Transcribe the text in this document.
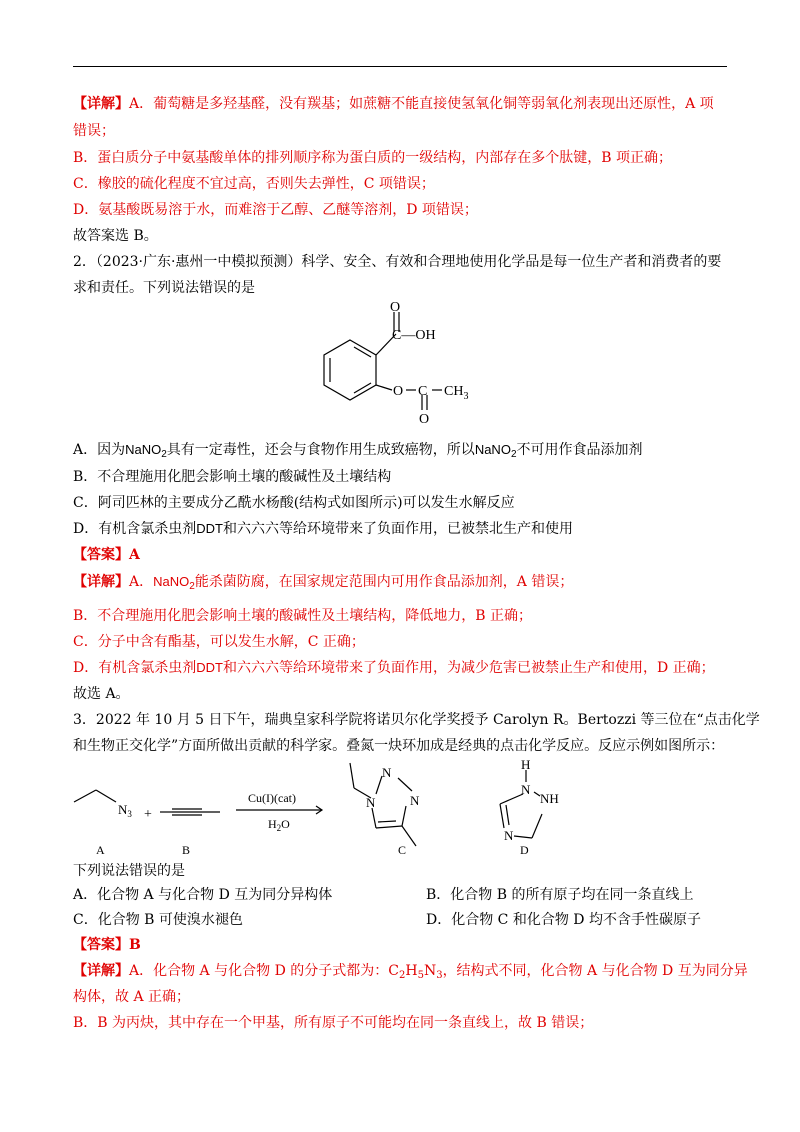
【详解】A．葡萄糖是多羟基醛，没有羰基；如蔗糖不能直接使氢氧化铜等弱氧化剂表现出还原性，A 项
错误；
B．蛋白质分子中氨基酸单体的排列顺序称为蛋白质的一级结构，内部存在多个肽键，B 项正确；
C．橡胶的硫化程度不宜过高，否则失去弹性，C 项错误；
D．氨基酸既易溶于水，而难溶于乙醇、乙醚等溶剂，D 项错误；
故答案选 B。
2．（2023·广东·惠州一中模拟预测）科学、安全、有效和合理地使用化学品是每一位生产者和消费者的要
求和责任。下列说法错误的是
O
C—OH
O C $CH_3$
O
A．因为NaNO$_2$具有一定毒性，还会与食物作用生成致癌物，所以NaNO$_2$不可用作食品添加剂
B．不合理施用化肥会影响土壤的酸碱性及土壤结构
C．阿司匹林的主要成分乙酰水杨酸(结构式如图所示)可以发生水解反应
D．有机含氯杀虫剂DDT和六六六等给环境带来了负面作用，已被禁北生产和使用
【答案】A
【详解】A．NaNO$_2$能杀菌防腐，在国家规定范围内可用作食品添加剂，A 错误；
B．不合理施用化肥会影响土壤的酸碱性及土壤结构，降低地力，B 正确；
C．分子中含有酯基，可以发生水解，C 正确；
D．有机含氯杀虫剂DDT和六六六等给环境带来了负面作用，为减少危害已被禁止生产和使用，D 正确；
故选 A。
3．2022 年 10 月 5 日下午，瑞典皇家科学院将诺贝尔化学奖授予 Carolyn R。Bertozzi 等三位在“点击化学
和生物正交化学”方面所做出贡献的科学家。叠氮一炔环加成是经典的点击化学反应。反应示例如图所示：
$N_3$ +
Cu(I)(cat)
$H_2O$
N
N
N
H
N
NH
N
A	B	C	D
下列说法错误的是
A．化合物 A 与化合物 D 互为同分异构体	B．化合物 B 的所有原子均在同一条直线上
C．化合物 B 可使溴水褪色	D．化合物 C 和化合物 D 均不含手性碳原子
【答案】B
【详解】A．化合物 A 与化合物 D 的分子式都为：$C_2H_5N_3$，结构式不同，化合物 A 与化合物 D 互为同分异
构体，故 A 正确；
B．B 为丙炔，其中存在一个甲基，所有原子不可能均在同一条直线上，故 B 错误；
